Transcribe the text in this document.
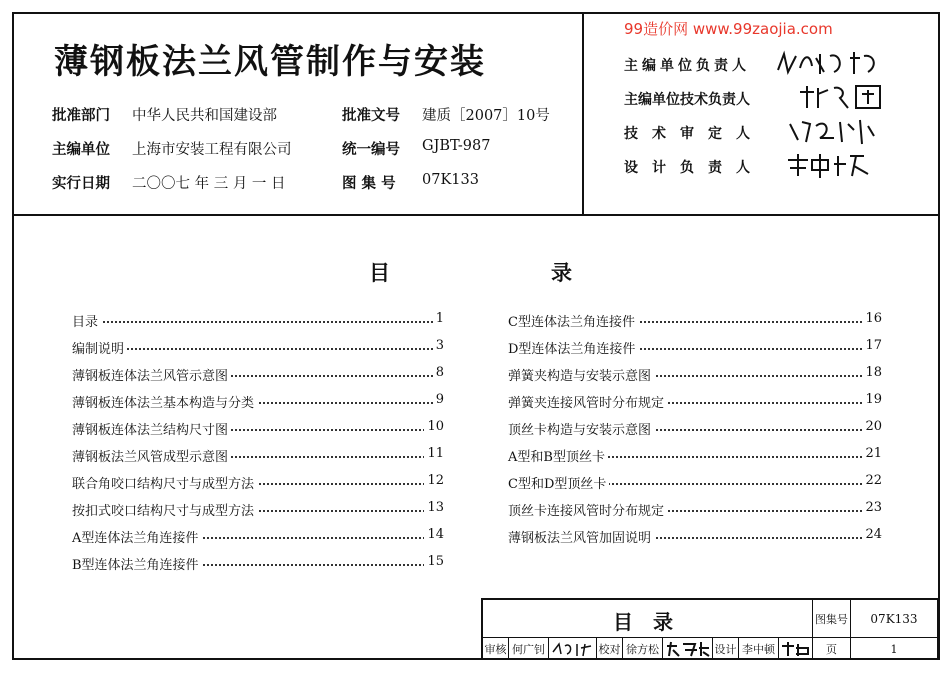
薄钢板法兰风管制作与安装
批准部门 中华人民共和国建设部	批准文号 建质［2007］10号
主编单位 上海市安装工程有限公司	统一编号 GJBT-987
实行日期 二〇〇七 年 三 月 一 日	图 集 号 07K133
99造价网 www.99zaojia.com
主编单位负责人
主编单位技术负责人
技术审定人
设计负责人
目	录
目录	1
编制说明	3
薄钢板连体法兰风管示意图	8
薄钢板连体法兰基本构造与分类	9
薄钢板连体法兰结构尺寸图	10
薄钢板法兰风管成型示意图	11
联合角咬口结构尺寸与成型方法	12
按扣式咬口结构尺寸与成型方法	13
A型连体法兰角连接件	14
B型连体法兰角连接件	15
C型连体法兰角连接件	16
D型连体法兰角连接件	17
弹簧夹构造与安装示意图	18
弹簧夹连接风管时分布规定	19
顶丝卡构造与安装示意图	20
A型和B型顶丝卡	21
C型和D型顶丝卡	22
顶丝卡连接风管时分布规定	23
薄钢板法兰风管加固说明	24
目 录	图集号	07K133
页	1
审核 何广钊	校对 徐方松	设计 李中顿
